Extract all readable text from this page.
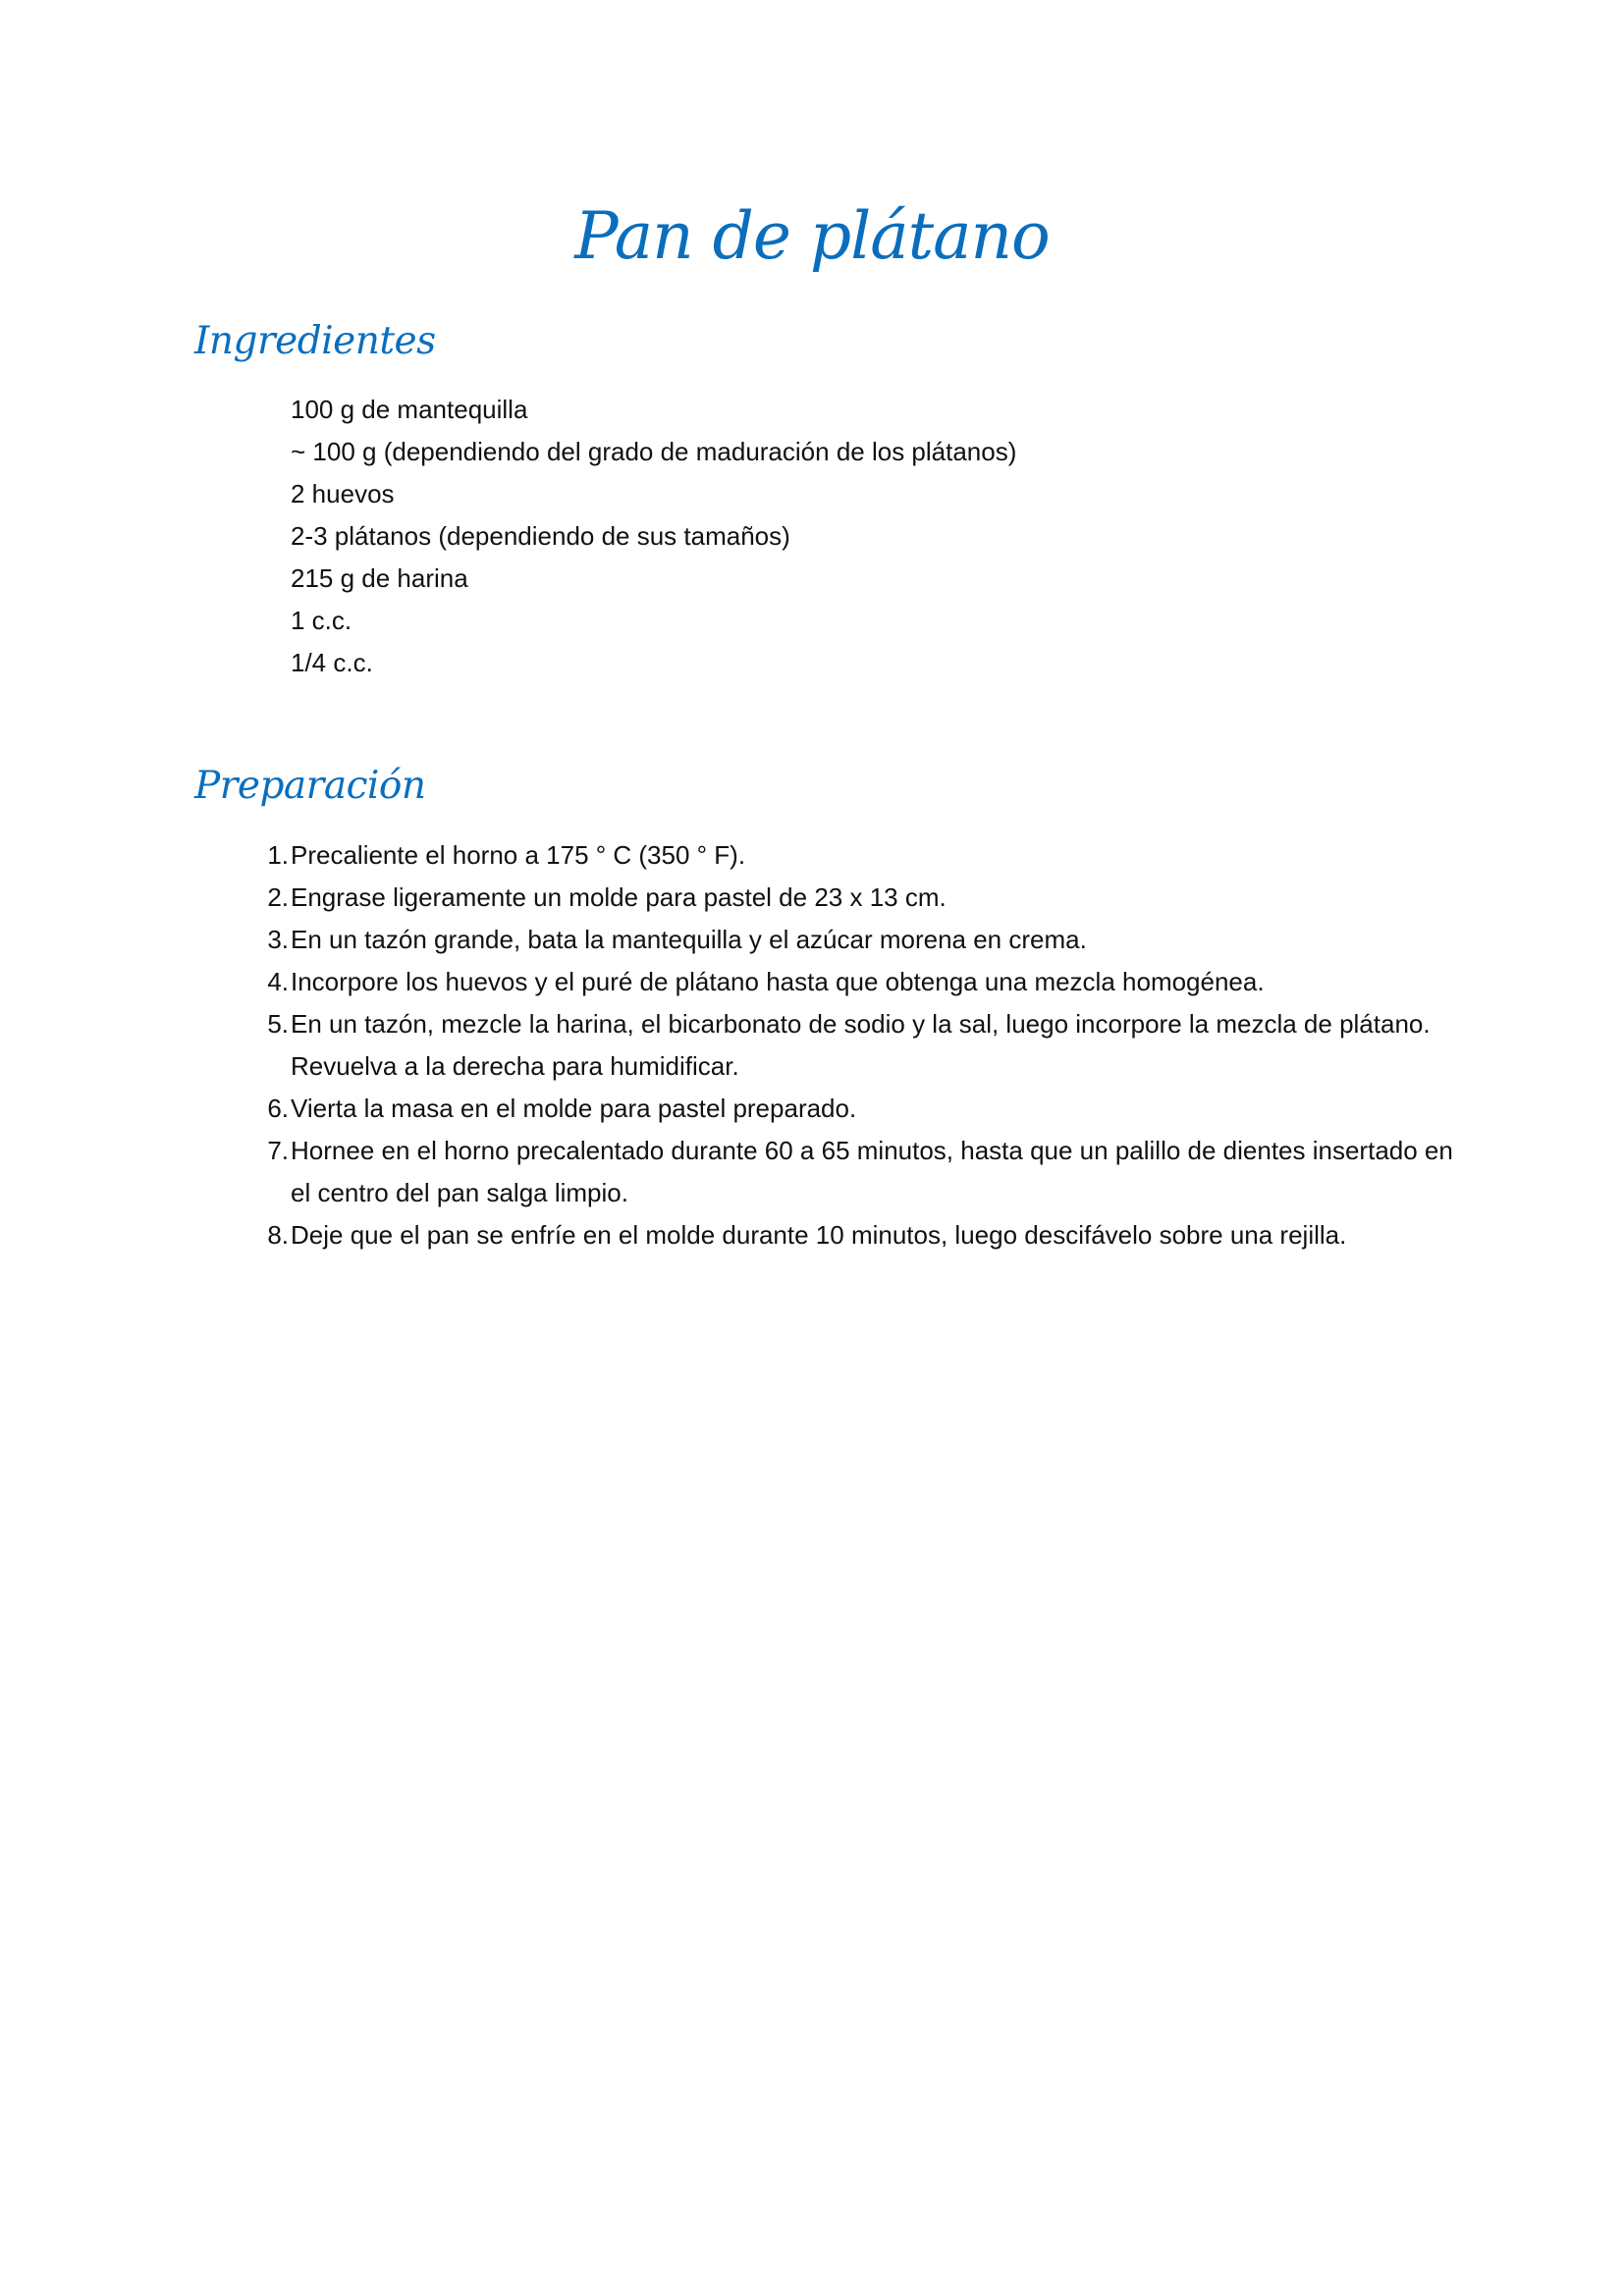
Pan de plátano
Ingredientes
100 g de mantequilla
~ 100 g (dependiendo del grado de maduración de los plátanos)
2 huevos
2-3 plátanos (dependiendo de sus tamaños)
215 g de harina
1 c.c.
1/4 c.c.
Preparación
1. Precaliente el horno a 175 ° C (350 ° F).
2. Engrase ligeramente un molde para pastel de 23 x 13 cm.
3. En un tazón grande, bata la mantequilla y el azúcar morena en crema.
4. Incorpore los huevos y el puré de plátano hasta que obtenga una mezcla homogénea.
5. En un tazón, mezcle la harina, el bicarbonato de sodio y la sal, luego incorpore la mezcla de plátano. Revuelva a la derecha para humidificar.
6. Vierta la masa en el molde para pastel preparado.
7. Hornee en el horno precalentado durante 60 a 65 minutos, hasta que un palillo de dientes insertado en el centro del pan salga limpio.
8. Deje que el pan se enfríe en el molde durante 10 minutos, luego descifávelo sobre una rejilla.
